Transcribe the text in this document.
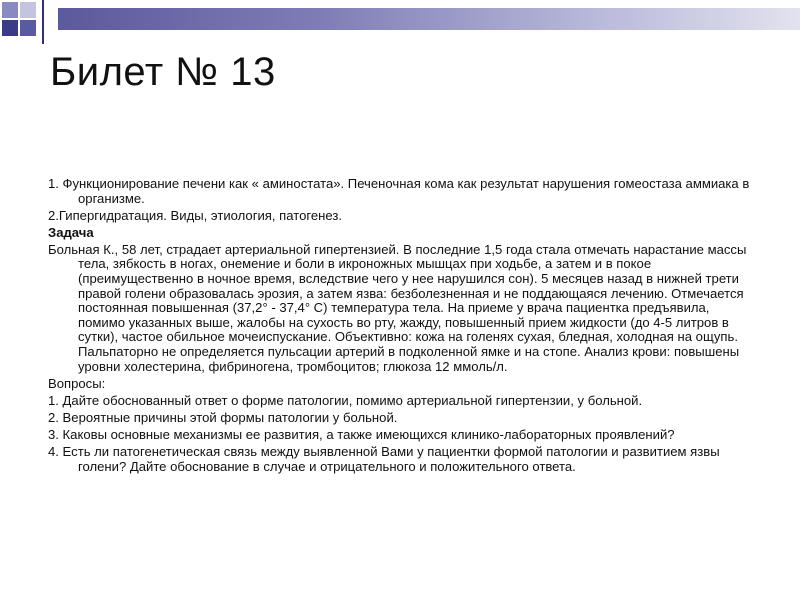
Билет № 13

1. Функционирование печени как « аминостата». Печеночная кома как результат нарушения гомеостаза аммиака в организме.

2.Гипергидратация. Виды, этиология, патогенез.

Задача

Больная К., 58 лет, страдает артериальной гипертензией. В последние 1,5 года стала отмечать нарастание массы тела, зябкость в ногах, онемение и боли в икроножных мышцах при ходьбе, а затем и в покое (преимущественно в ночное время, вследствие чего у нее нарушился сон). 5 месяцев назад в нижней трети правой голени образовалась эрозия, а затем язва: безболезненная и не поддающаяся лечению. Отмечается постоянная повышенная (37,2° - 37,4° С) температура тела. На приеме у врача пациентка предъявила, помимо указанных выше, жалобы на сухость во рту, жажду, повышенный прием жидкости (до 4-5 литров в сутки), частое обильное мочеиспускание. Объективно: кожа на голенях сухая, бледная, холодная на ощупь. Пальпаторно не определяется пульсации артерий в подколенной ямке и на стопе. Анализ крови: повышены уровни холестерина, фибриногена, тромбоцитов; глюкоза 12 ммоль/л.

Вопросы:

1. Дайте обоснованный ответ о форме патологии, помимо артериальной гипертензии, у больной.

2. Вероятные причины этой формы патологии у больной.

3. Каковы основные механизмы ее развития, а также имеющихся клинико-лабораторных проявлений?

4. Есть ли патогенетическая связь между выявленной Вами у пациентки формой патологии и развитием язвы голени? Дайте обоснование в случае и отрицательного и положительного ответа.
